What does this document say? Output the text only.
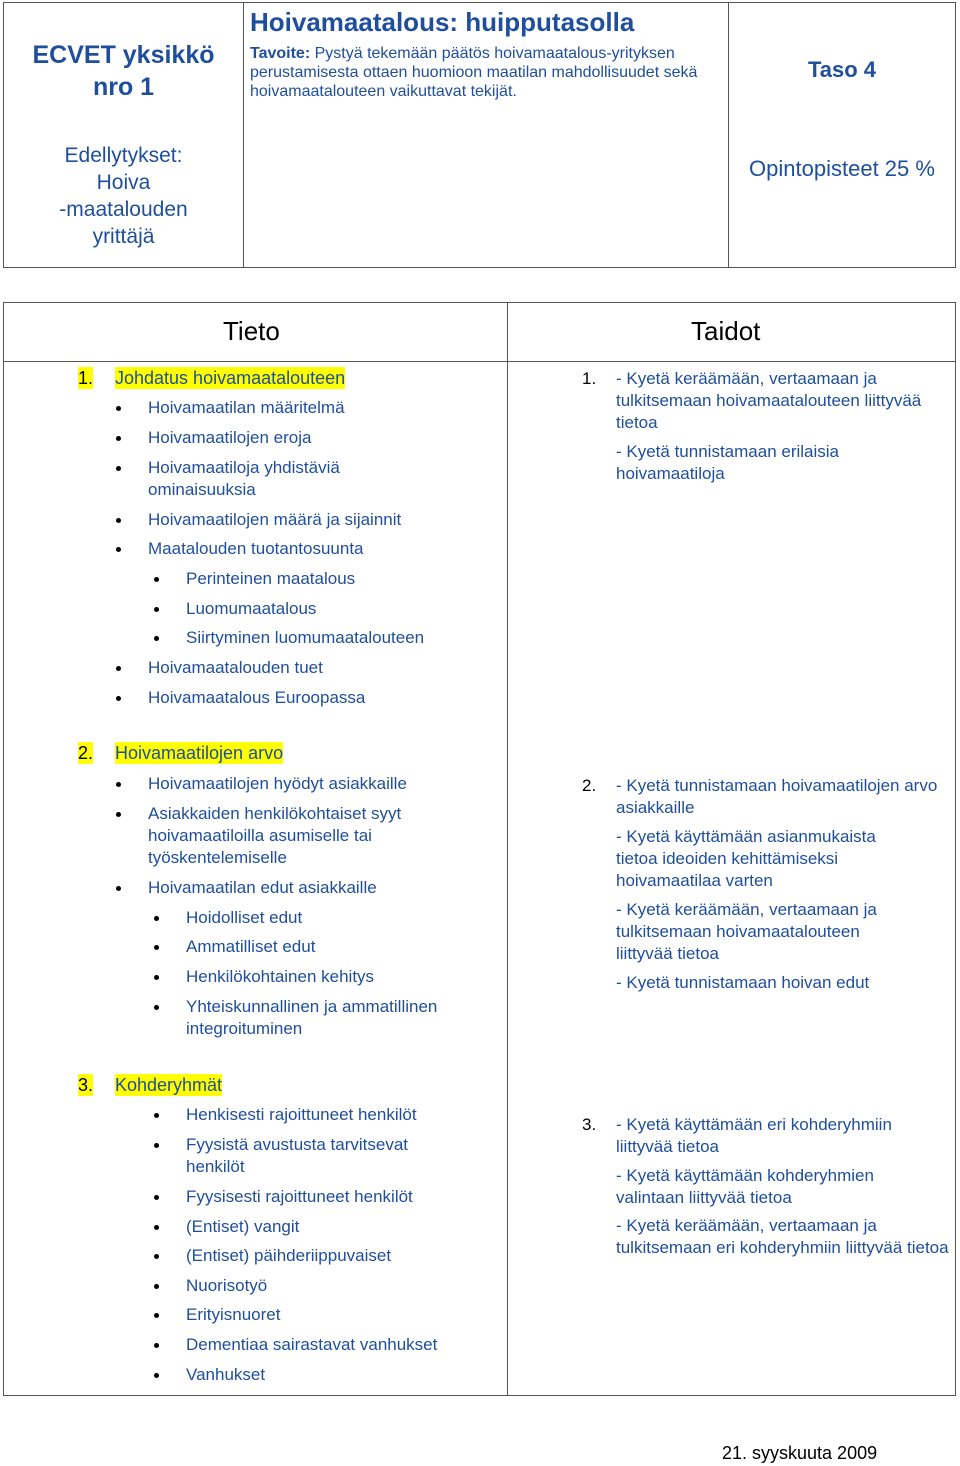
ECVET yksikkö
nro 1
Edellytykset:
Hoiva
-maatalouden
yrittäjä
Hoivamaatalous: huipputasolla
Tavoite: Pystyä tekemään päätös hoivamaatalous-yrityksen perustamisesta ottaen huomioon maatilan mahdollisuudet sekä hoivamaatalouteen vaikuttavat tekijät.
Taso 4
Opintopisteet 25 %
Tieto	Taidot
1. Johdatus hoivamaatalouteen
Hoivamaatilan määritelmä
Hoivamaatilojen eroja
Hoivamaatiloja yhdistäviä ominaisuuksia
Hoivamaatilojen määrä ja sijainnit
Maatalouden tuotantosuunta
Perinteinen maatalous
Luomumaatalous
Siirtyminen luomumaatalouteen
Hoivamaatalouden tuet
Hoivamaatalous Euroopassa
1. - Kyetä keräämään, vertaamaan ja tulkitsemaan hoivamaatalouteen liittyvää tietoa
- Kyetä tunnistamaan erilaisia hoivamaatiloja
2. Hoivamaatilojen arvo
Hoivamaatilojen hyödyt asiakkaille
Asiakkaiden henkilökohtaiset syyt hoivamaatiloilla asumiselle tai työskentelemiselle
Hoivamaatilan edut asiakkaille
Hoidolliset edut
Ammatilliset edut
Henkilökohtainen kehitys
Yhteiskunnallinen ja ammatillinen integroituminen
2. - Kyetä tunnistamaan hoivamaatilojen arvo asiakkaille
- Kyetä käyttämään asianmukaista tietoa ideoiden kehittämiseksi hoivamaatilaa varten
- Kyetä keräämään, vertaamaan ja tulkitsemaan hoivamaatalouteen liittyvää tietoa
- Kyetä tunnistamaan hoivan edut
3. Kohderyhmät
Henkisesti rajoittuneet henkilöt
Fyysistä avustusta tarvitsevat henkilöt
Fyysisesti rajoittuneet henkilöt
(Entiset) vangit
(Entiset) päihderiippuvaiset
Nuorisotyö
Erityisnuoret
Dementiaa sairastavat vanhukset
Vanhukset
3. - Kyetä käyttämään eri kohderyhmiin liittyvää tietoa
- Kyetä käyttämään kohderyhmien valintaan liittyvää tietoa
- Kyetä keräämään, vertaamaan ja tulkitsemaan eri kohderyhmiin liittyvää tietoa
21. syyskuuta 2009
